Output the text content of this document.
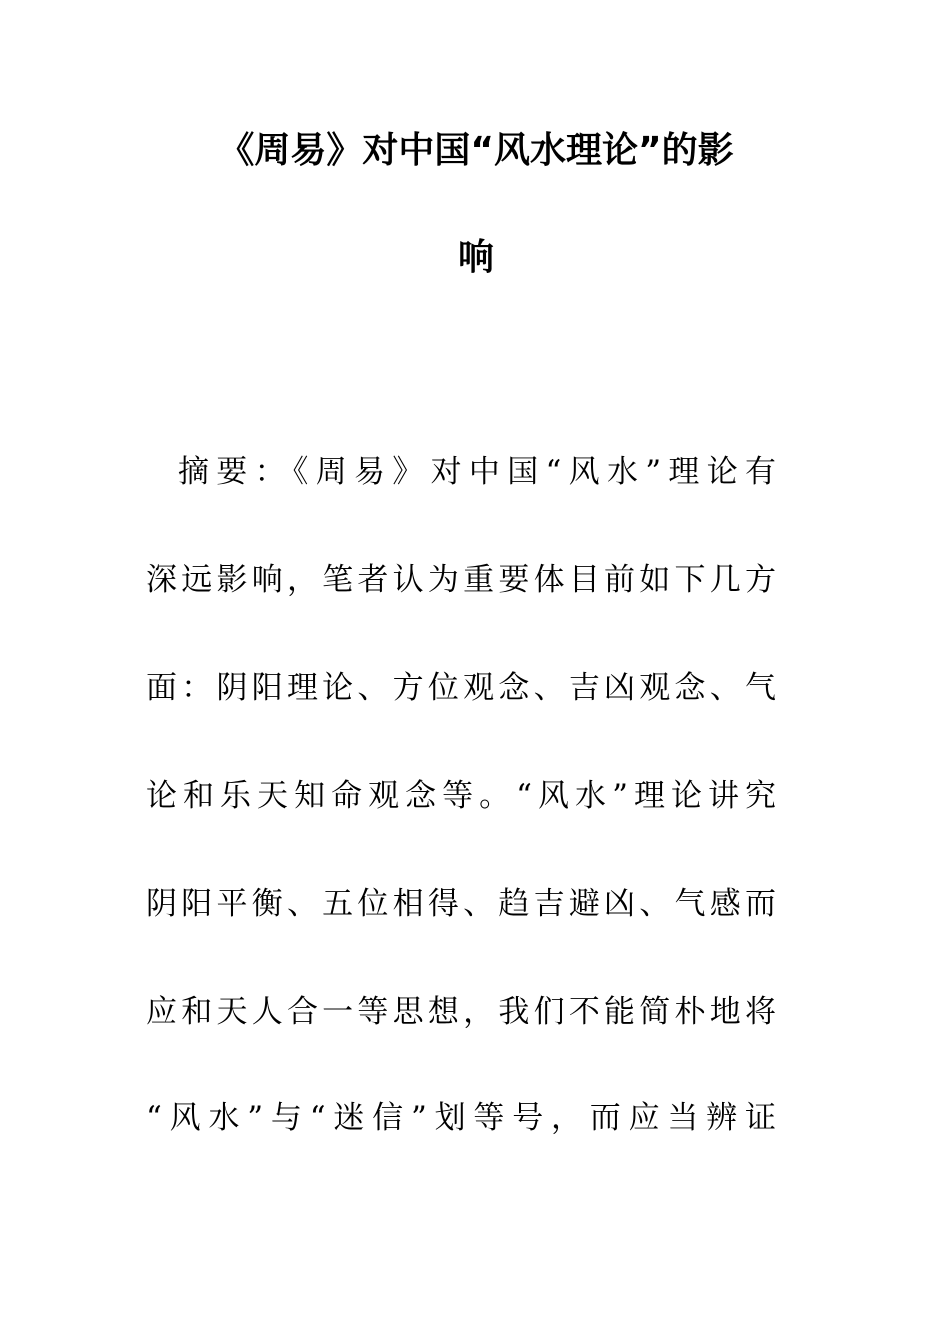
《周易》对中国“风水理论”的影
响
摘要：《周易》对中国“风水”理论有
深远影响，笔者认为重要体目前如下几方
面：阴阳理论、方位观念、吉凶观念、气
论和乐天知命观念等。“风水”理论讲究
阴阳平衡、五位相得、趋吉避凶、气感而
应和天人合一等思想，我们不能简朴地将
“风水”与“迷信”划等号，而应当辨证
